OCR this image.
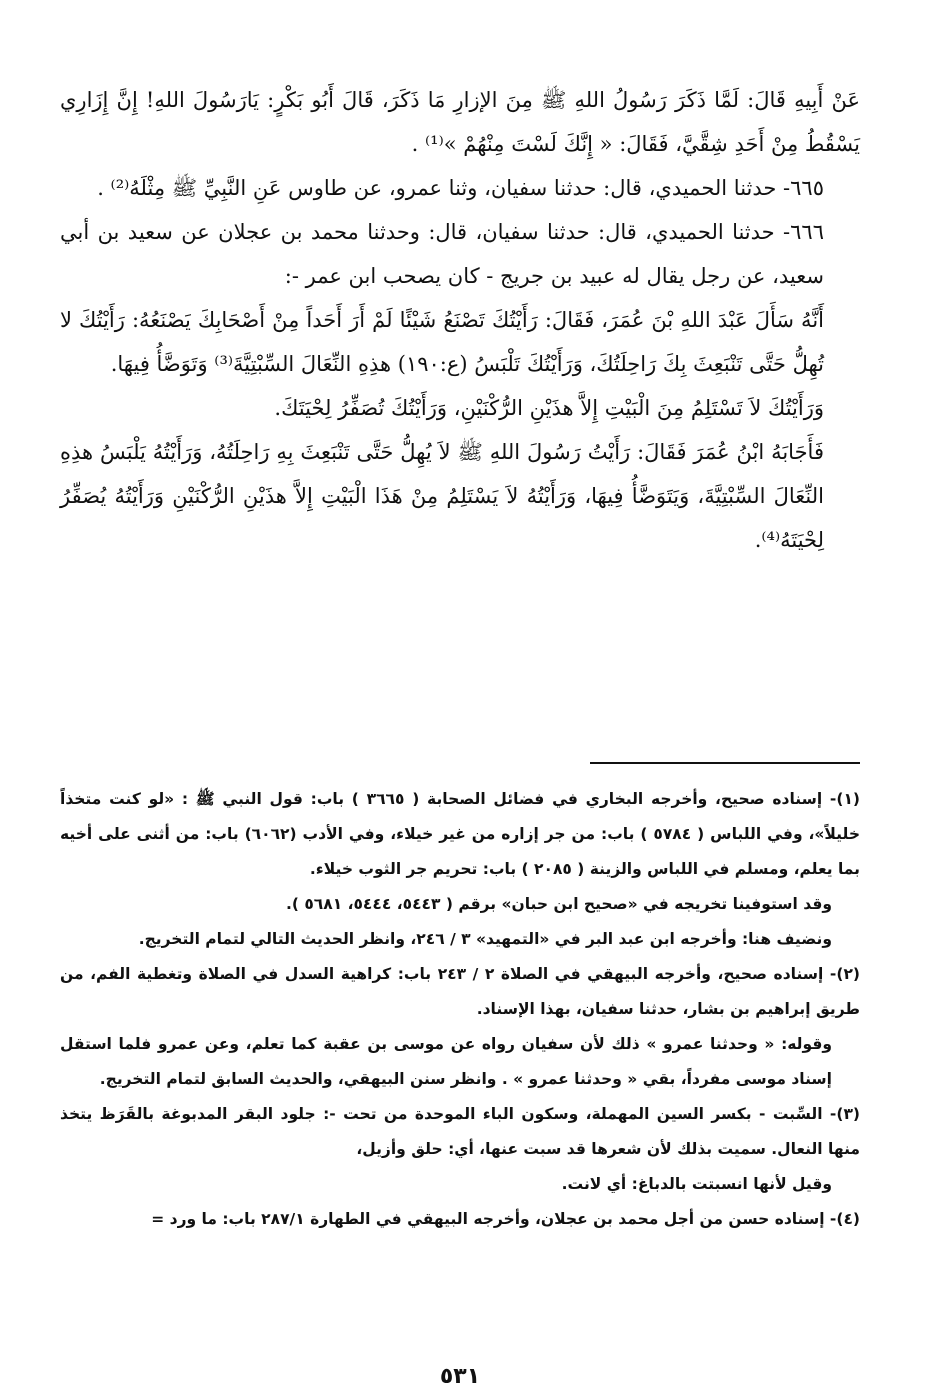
عَنْ أَبِيهِ قَالَ: لَمَّا ذَكَرَ رَسُولُ اللهِ ﷺ مِنَ الإزارِ مَا ذَكَرَ، قَالَ أَبُو بَكْرٍ: يَارَسُولَ اللهِ! إِنَّ إِزَارِي يَسْقُطُ مِنْ أَحَدِ شِقَّيَّ، فَقَالَ: « إِنَّكَ لَسْتَ مِنْهُمْ »⁽¹⁾ .

٦٦٥- حدثنا الحميدي، قال: حدثنا سفيان، وثنا عمرو، عن طاوس عَنِ النَّبِيِّ ﷺ مِثْلَهُ⁽²⁾ .

٦٦٦- حدثنا الحميدي، قال: حدثنا سفيان، قال: وحدثنا محمد بن عجلان عن سعيد بن أبي سعيد، عن رجل يقال له عبيد بن جريج - كان يصحب ابن عمر -:

أَنَّهُ سَأَلَ عَبْدَ اللهِ بْنَ عُمَرَ، فَقَالَ: رَأَيْتُكَ تَصْنَعُ شَيْئًا لَمْ أَرَ أَحَداً مِنْ أَصْحَابِكَ يَصْنَعُهُ: رَأَيْتُكَ لا تُهِلُّ حَتَّى تَنْبَعِثَ بِكَ رَاحِلَتُكَ، وَرَأَيْتُكَ تَلْبَسُ (ع:١٩٠) هذِهِ النِّعَالَ السِّبْتِيَّةَ⁽³⁾ وَتَوَضَّأُ فِيهَا.

وَرَأَيْتُكَ لاَ تَسْتَلِمُ مِنَ الْبَيْتِ إِلاَّ هذَيْنِ الرُّكْنَيْنِ، وَرَأَيْتُكَ تُصَفِّرُ لِحْيَتَكَ.

فَأَجَابَهُ ابْنُ عُمَرَ فَقَالَ: رَأَيْتُ رَسُولَ اللهِ ﷺ لاَ يُهِلُّ حَتَّى تَنْبَعِثَ بِهِ رَاحِلَتُهُ، وَرَأَيْتُهُ يَلْبَسُ هذِهِ النِّعَالَ السِّبْتِيَّةَ، وَيَتَوَضَّأُ فِيهَا، وَرَأَيْتُهُ لاَ يَسْتَلِمُ مِنْ هَذَا الْبَيْتِ إِلاَّ هذَيْنِ الرُّكْنَيْنِ وَرَأَيْتُهُ يُصَفِّرُ لِحْيَتَهُ⁽⁴⁾.

(١)- إسناده صحيح، وأخرجه البخاري في فضائل الصحابة ( ٣٦٦٥ ) باب: قول النبي ﷺ : «لو كنت متخذاً خليلاً»، وفي اللباس ( ٥٧٨٤ ) باب: من جر إزاره من غير خيلاء، وفي الأدب (٦٠٦٢) باب: من أثنى على أخيه بما يعلم، ومسلم في اللباس والزينة ( ٢٠٨٥ ) باب: تحريم جر الثوب خيلاء.

وقد استوفينا تخريجه في «صحيح ابن حبان» برقم ( ٥٤٤٣، ٥٤٤٤، ٥٦٨١ ).

ونضيف هنا: وأخرجه ابن عبد البر في «التمهيد» ٣ / ٢٤٦، وانظر الحديث التالي لتمام التخريج.

(٢)- إسناده صحيح، وأخرجه البيهقي في الصلاة ٢ / ٢٤٣ باب: كراهية السدل في الصلاة وتغطية الفم، من طريق إبراهيم بن بشار، حدثنا سفيان، بهذا الإسناد.

وقوله: « وحدثنا عمرو » ذلك لأن سفيان رواه عن موسى بن عقبة كما تعلم، وعن عمرو فلما استقل إسناد موسى مفرداً، بقي « وحدثنا عمرو » . وانظر سنن البيهقي، والحديث السابق لتمام التخريج.

(٣)- السِّبت - بكسر السين المهملة، وسكون الباء الموحدة من تحت -: جلود البقر المدبوغة بالقَرَظ يتخذ منها النعال. سميت بذلك لأن شعرها قد سبت عنها، أي: حلق وأزيل،

وقيل لأنها انسبتت بالدباغ: أي لانت.

(٤)- إسناده حسن من أجل محمد بن عجلان، وأخرجه البيهقي في الطهارة ٢٨٧/١ باب: ما ورد =

٥٣١
